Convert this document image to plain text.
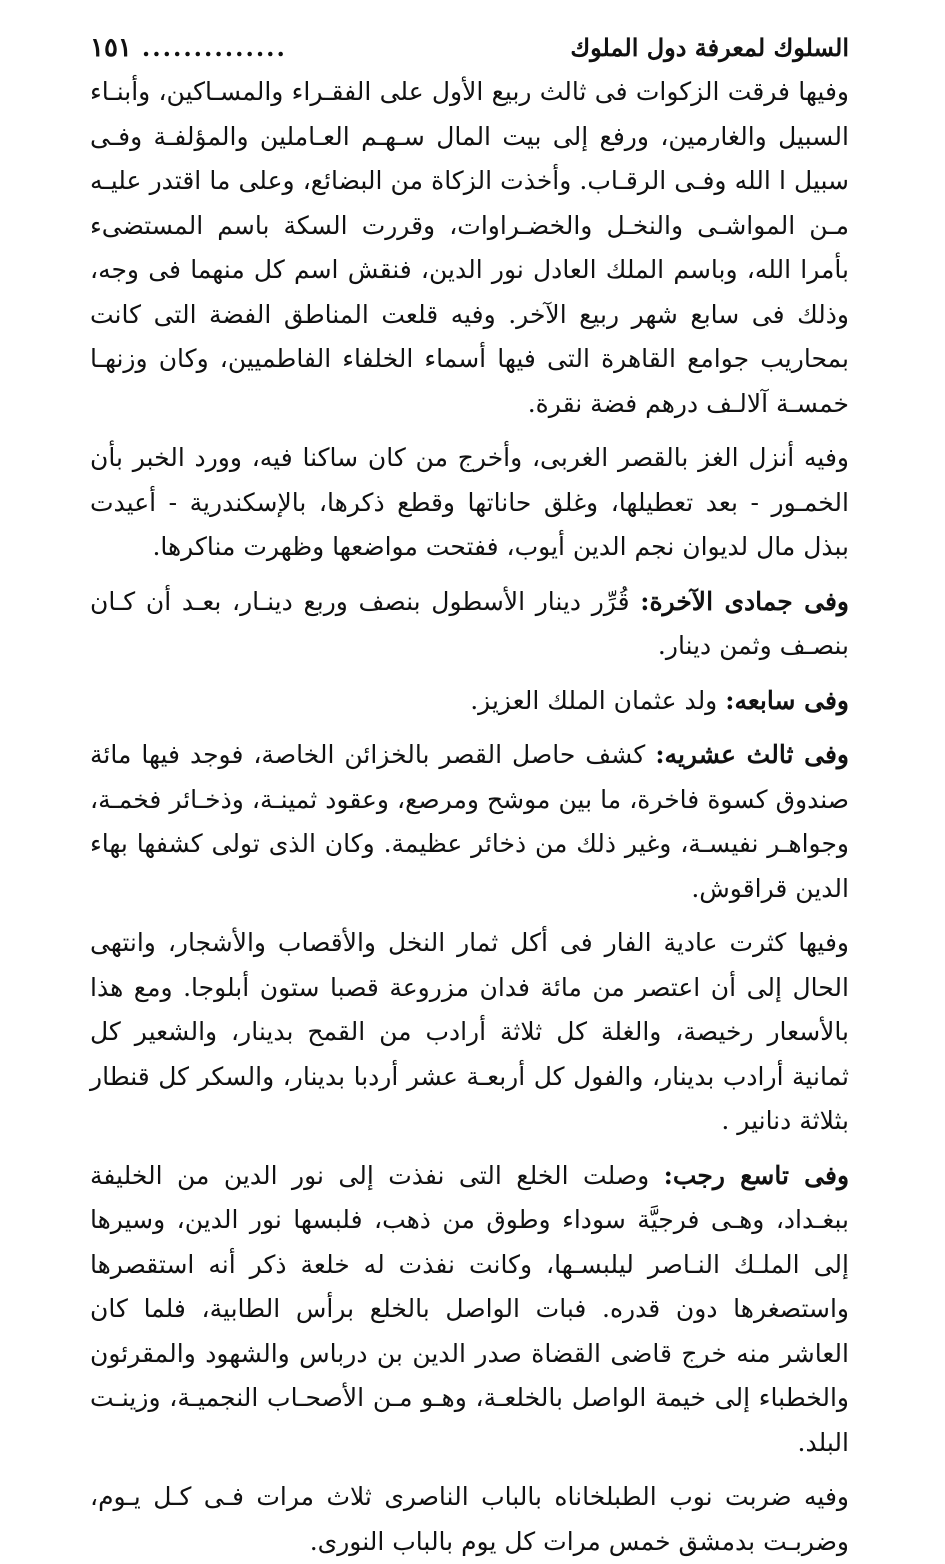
السلوك لمعرفة دول الملوك
..............
١٥١

وفيها فرقت الزكوات فى ثالث ربيع الأول على الفقـراء والمسـاكين، وأبنـاء السبيل والغارمين، ورفع إلى بيت المال سـهـم العـاملين والمؤلفـة وفـى سبيل ا الله وفـى الرقـاب. وأخذت الزكاة من البضائع، وعلى ما اقتدر عليـه مـن المواشـى والنخـل والخضـراوات، وقررت السكة باسم المستضىء بأمرا الله، وباسم الملك العادل نور الدين، فنقش اسم كل منهما فى وجه، وذلك فى سابع شهر ربيع الآخر. وفيه قلعت المناطق الفضة التى كانت بمحاريب جوامع القاهرة التى فيها أسماء الخلفاء الفاطميين، وكان وزنهـا خمسـة آلالـف درهم فضة نقرة.

وفيه أنزل الغز بالقصر الغربى، وأخرج من كان ساكنا فيه، وورد الخبر بأن الخمـور - بعد تعطيلها، وغلق حاناتها وقطع ذكرها، بالإسكندرية - أعيدت ببذل مال لديوان نجم الدين أيوب، ففتحت مواضعها وظهرت مناكرها.

وفى جمادى الآخرة: قُرِّر دينار الأسطول بنصف وربع دينـار، بعـد أن كـان بنصـف وثمن دينار.

وفى سابعه: ولد عثمان الملك العزيز.

وفى ثالث عشريه: كشف حاصل القصر بالخزائن الخاصة، فوجد فيها مائة صندوق كسوة فاخرة، ما بين موشح ومرصع، وعقود ثمينـة، وذخـائر فخمـة، وجواهـر نفيسـة، وغير ذلك من ذخائر عظيمة. وكان الذى تولى كشفها بهاء الدين قراقوش.

وفيها كثرت عادية الفار فى أكل ثمار النخل والأقصاب والأشجار، وانتهى الحال إلى أن اعتصر من مائة فدان مزروعة قصبا ستون أبلوجا. ومع هذا بالأسعار رخيصة، والغلة كل ثلاثة أرادب من القمح بدينار، والشعير كل ثمانية أرادب بدينار، والفول كل أربعـة عشر أردبا بدينار، والسكر كل قنطار بثلاثة دنانير .

وفى تاسع رجب: وصلت الخلع التى نفذت إلى نور الدين من الخليفة ببغـداد، وهـى فرجيَّة سوداء وطوق من ذهب، فلبسها نور الدين، وسيرها إلى الملـك النـاصر ليلبسـها، وكانت نفذت له خلعة ذكر أنه استقصرها واستصغرها دون قدره. فبات الواصل بالخلع برأس الطابية، فلما كان العاشر منه خرج قاضى القضاة صدر الدين بن درباس والشهود والمقرئون والخطباء إلى خيمة الواصل بالخلعـة، وهـو مـن الأصحـاب النجميـة، وزينـت البلد.

وفيه ضربت نوب الطبلخاناه بالباب الناصرى ثلاث مرات فـى كـل يـوم، وضربـت بدمشق خمس مرات كل يوم بالباب النورى.
